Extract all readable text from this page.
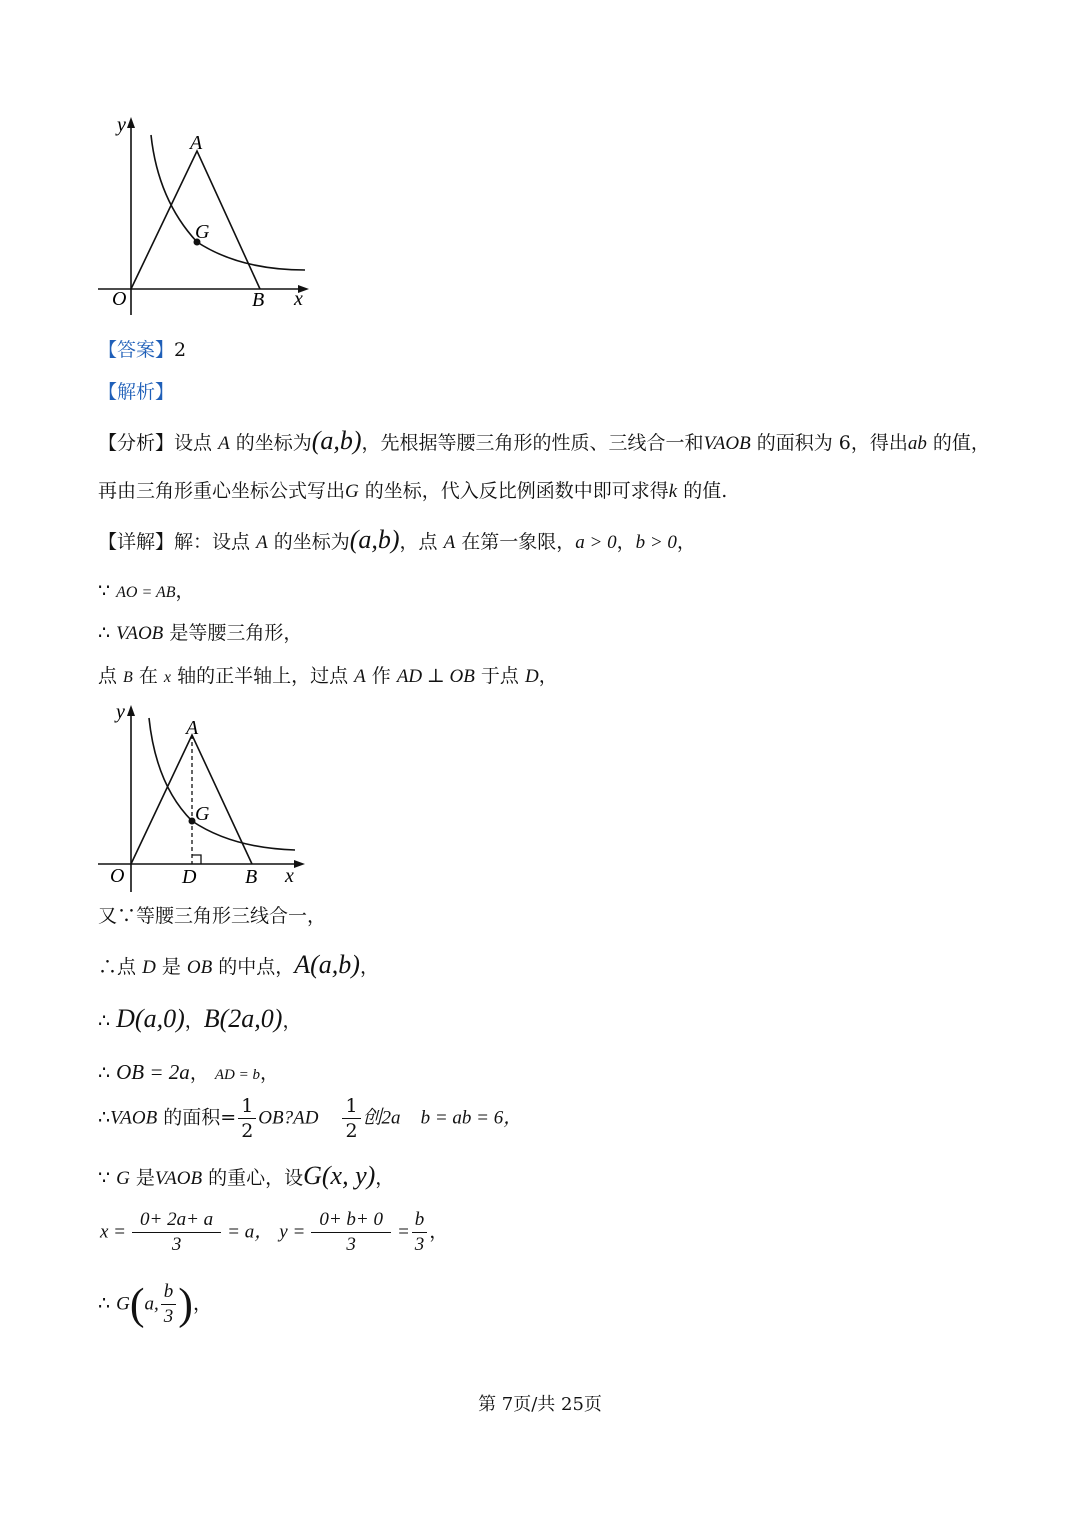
y
A
G
O	B x
【答案】2
【解析】
【分析】设点 A 的坐标为(a,b)，先根据等腰三角形的性质、三线合一和VAOB 的面积为 6，得出ab 的值，
再由三角形重心坐标公式写出G 的坐标，代入反比例函数中即可求得k 的值.
【详解】解：设点 A 的坐标为(a,b)，点 A 在第一象限，a > 0，b > 0，
∵ AO = AB，
∴ VAOB 是等腰三角形，
点 B 在 x 轴的正半轴上，过点 A 作 AD ⊥ OB 于点 D，
y
A
G
O	D B x
又∵等腰三角形三线合一，
∴点 D 是 OB 的中点，A(a,b)，
∴ D(a,0)，B(2a,0)，
∴ OB = 2a， AD = b，
∴VAOB 的面积= $\frac{1}{2}$ OB?AD $\frac{1}{2}$ 创2a b = ab = 6，
∵ G 是VAOB 的重心，设G(x, y)，
$x = \frac{0+ 2a+ a}{3} = a$， $y = \frac{0+ b+ 0}{3} = \frac{b}{3}$ ，
∴ G(a, $\frac{b}{3}$ )，
第 7页/共 25页
